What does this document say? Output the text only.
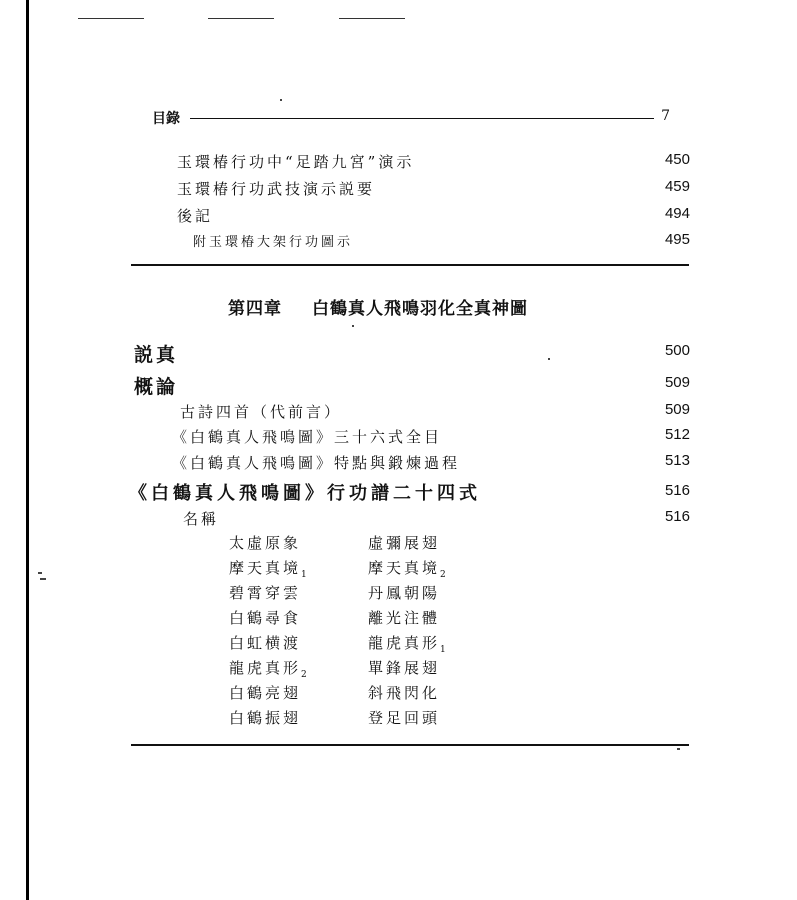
目錄	7
玉環椿行功中“足踏九宮”演示	450
玉環椿行功武技演示説要	459
後記	494
附玉環椿大架行功圖示	495
第四章 白鶴真人飛鳴羽化全真神圖
説真	500
概論	509
古詩四首（代前言）	509
《白鶴真人飛鳴圖》三十六式全目	512
《白鶴真人飛鳴圖》特點與鍛煉過程	513
《白鶴真人飛鳴圖》行功譜二十四式	516
名稱	516
太虛原象	虛彌展翅
摩天真境$_1$	摩天真境$_2$
碧霄穿雲	丹鳳朝陽
白鶴尋食	離光注體
白虹横渡	龍虎真形$_1$
龍虎真形$_2$	單鋒展翅
白鶴亮翅	斜飛閃化
白鶴振翅	登足回頭
